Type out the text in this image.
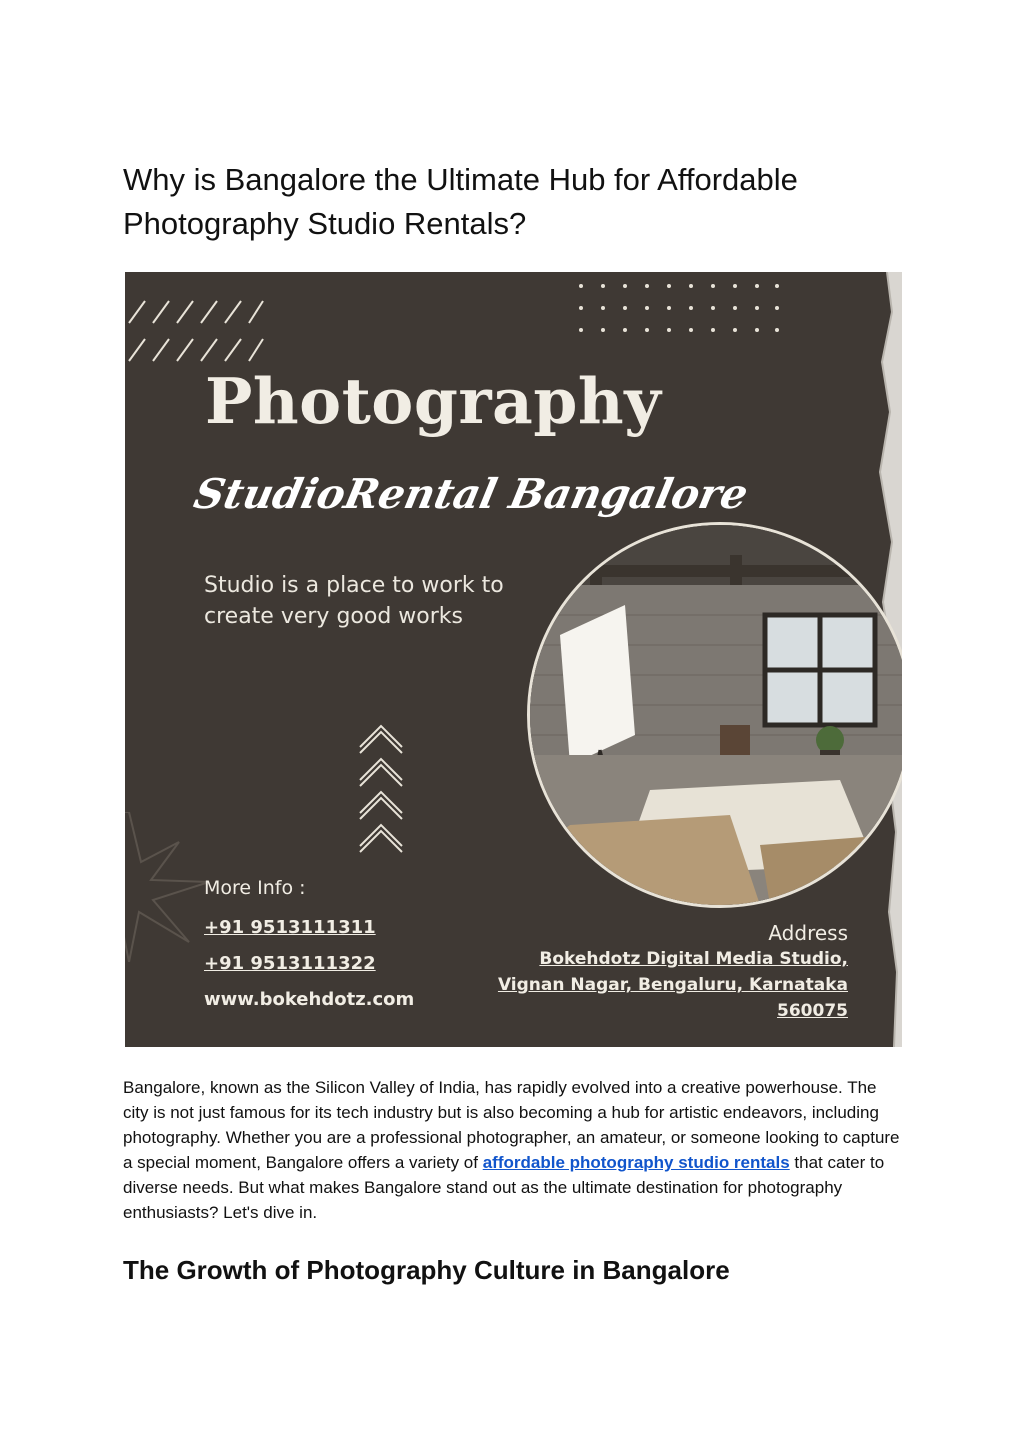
Why is Bangalore the Ultimate Hub for Affordable
Photography Studio Rentals?
Photography
StudioRental Bangalore
Studio is a place to work to
create very good works
More Info :
+91 9513111311
+91 9513111322
www.bokehdotz.com
Address
Bokehdotz Digital Media Studio,
Vignan Nagar, Bengaluru, Karnataka
560075

Bangalore, known as the Silicon Valley of India, has rapidly evolved into a creative powerhouse. The city is not just famous for its tech industry but is also becoming a hub for artistic endeavors, including photography. Whether you are a professional photographer, an amateur, or someone looking to capture a special moment, Bangalore offers a variety of affordable photography studio rentals that cater to diverse needs. But what makes Bangalore stand out as the ultimate destination for photography enthusiasts? Let's dive in.

The Growth of Photography Culture in Bangalore
